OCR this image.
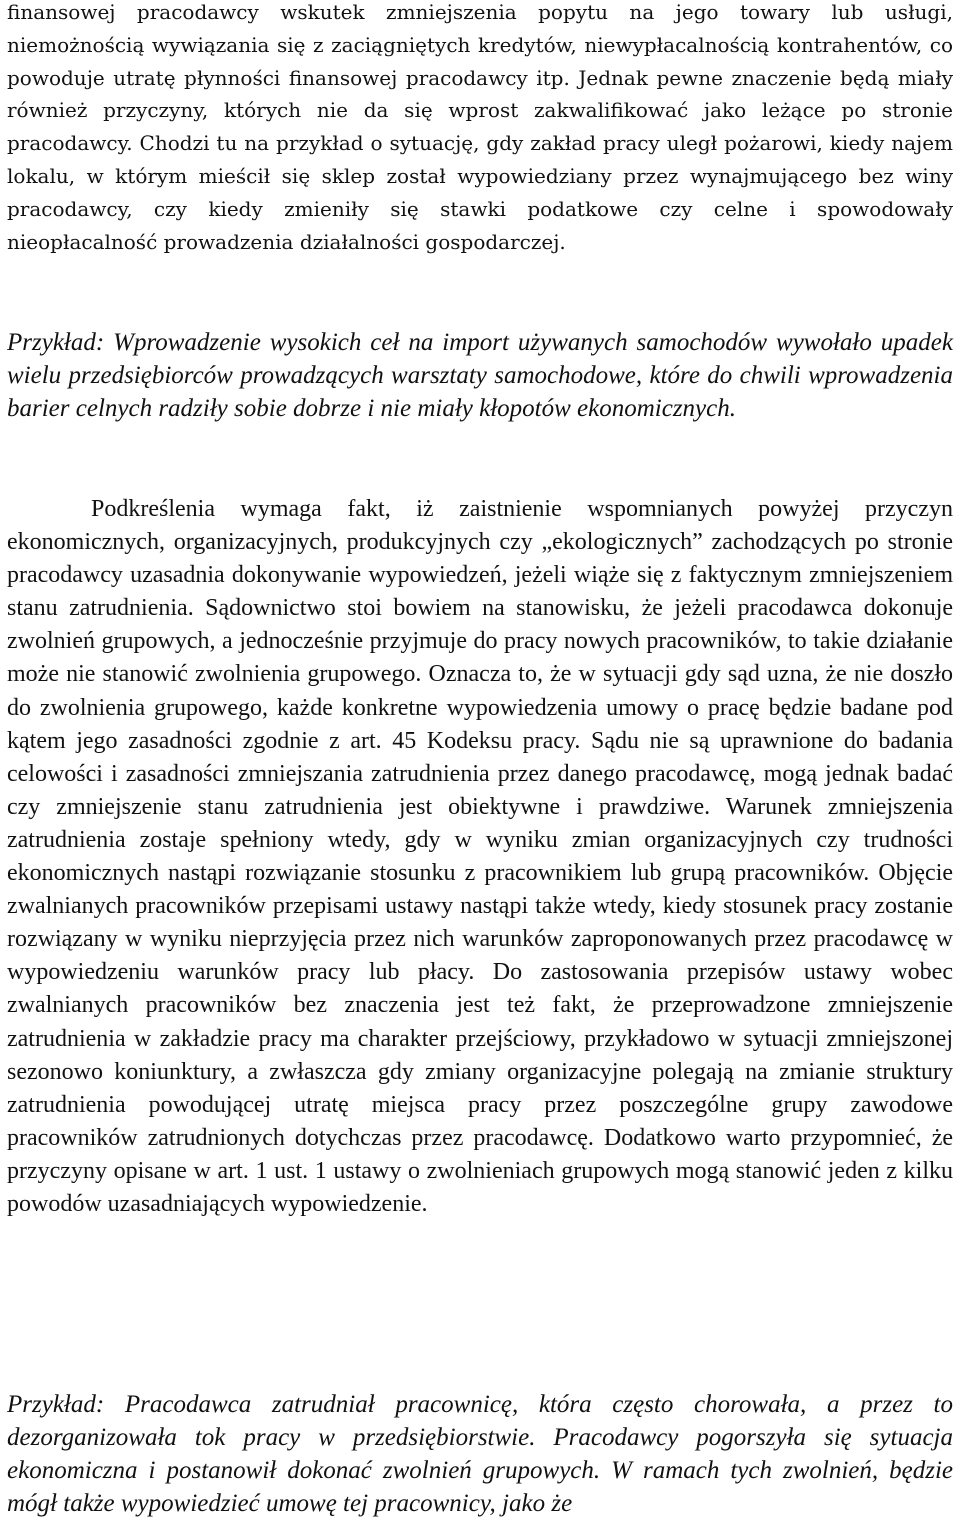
finansowej pracodawcy wskutek zmniejszenia popytu na jego towary lub usługi, niemożnością wywiązania się z zaciągniętych kredytów, niewypłacalnością kontrahentów, co powoduje utratę płynności finansowej pracodawcy itp. Jednak pewne znaczenie będą miały również przyczyny, których nie da się wprost zakwalifikować jako leżące po stronie pracodawcy. Chodzi tu na przykład o sytuację, gdy zakład pracy uległ pożarowi, kiedy najem lokalu, w którym mieścił się sklep został wypowiedziany przez wynajmującego bez winy pracodawcy, czy kiedy zmieniły się stawki podatkowe czy celne i spowodowały nieopłacalność prowadzenia działalności gospodarczej.

Przykład: Wprowadzenie wysokich ceł na import używanych samochodów wywołało upadek wielu przedsiębiorców prowadzących warsztaty samochodowe, które do chwili wprowadzenia barier celnych radziły sobie dobrze i nie miały kłopotów ekonomicznych.

Podkreślenia wymaga fakt, iż zaistnienie wspomnianych powyżej przyczyn ekonomicznych, organizacyjnych, produkcyjnych czy „ekologicznych” zachodzących po stronie pracodawcy uzasadnia dokonywanie wypowiedzeń, jeżeli wiąże się z faktycznym zmniejszeniem stanu zatrudnienia. Sądownictwo stoi bowiem na stanowisku, że jeżeli pracodawca dokonuje zwolnień grupowych, a jednocześnie przyjmuje do pracy nowych pracowników, to takie działanie może nie stanowić zwolnienia grupowego. Oznacza to, że w sytuacji gdy sąd uzna, że nie doszło do zwolnienia grupowego, każde konkretne wypowiedzenia umowy o pracę będzie badane pod kątem jego zasadności zgodnie z art. 45 Kodeksu pracy. Sądu nie są uprawnione do badania celowości i zasadności zmniejszania zatrudnienia przez danego pracodawcę, mogą jednak badać czy zmniejszenie stanu zatrudnienia jest obiektywne i prawdziwe. Warunek zmniejszenia zatrudnienia zostaje spełniony wtedy, gdy w wyniku zmian organizacyjnych czy trudności ekonomicznych nastąpi rozwiązanie stosunku z pracownikiem lub grupą pracowników. Objęcie zwalnianych pracowników przepisami ustawy nastąpi także wtedy, kiedy stosunek pracy zostanie rozwiązany w wyniku nieprzyjęcia przez nich warunków zaproponowanych przez pracodawcę w wypowiedzeniu warunków pracy lub płacy. Do zastosowania przepisów ustawy wobec zwalnianych pracowników bez znaczenia jest też fakt, że przeprowadzone zmniejszenie zatrudnienia w zakładzie pracy ma charakter przejściowy, przykładowo w sytuacji zmniejszonej sezonowo koniunktury, a zwłaszcza gdy zmiany organizacyjne polegają na zmianie struktury zatrudnienia powodującej utratę miejsca pracy przez poszczególne grupy zawodowe pracowników zatrudnionych dotychczas przez pracodawcę. Dodatkowo warto przypomnieć, że przyczyny opisane w art. 1 ust. 1 ustawy o zwolnieniach grupowych mogą stanowić jeden z kilku powodów uzasadniających wypowiedzenie.

Przykład: Pracodawca zatrudniał pracownicę, która często chorowała, a przez to dezorganizowała tok pracy w przedsiębiorstwie. Pracodawcy pogorszyła się sytuacja ekonomiczna i postanowił dokonać zwolnień grupowych. W ramach tych zwolnień, będzie mógł także wypowiedzieć umowę tej pracownicy, jako że
